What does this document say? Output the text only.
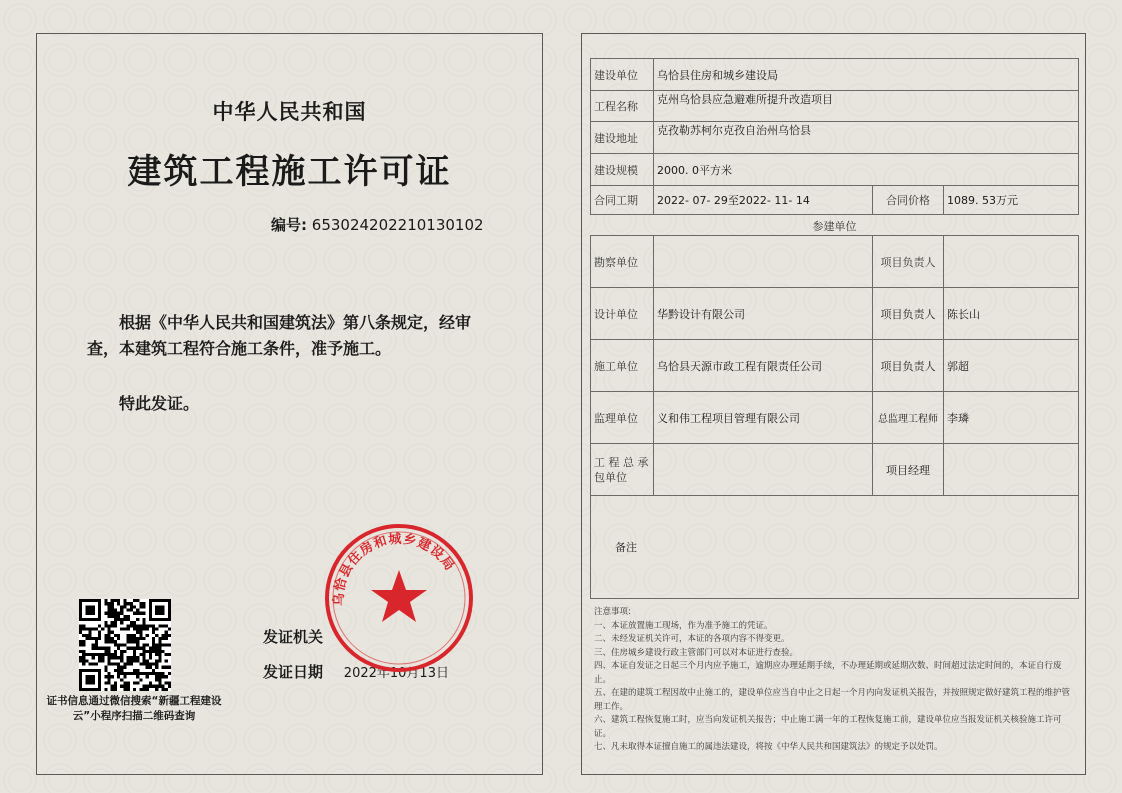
中华人民共和国
建筑工程施工许可证
编号: 653024202210130102
根据《中华人民共和国建筑法》第八条规定，经审查，本建筑工程符合施工条件，准予施工。
特此发证。
证书信息通过微信搜索“新疆工程建设云”小程序扫描二维码查询
发证机关
发证日期 2022年10月13日
乌恰县住房和城乡建设局
建设单位	乌恰县住房和城乡建设局		
工程名称	克州乌恰县应急避难所提升改造项目		
建设地址	克孜勒苏柯尔克孜自治州乌恰县		
建设规模	2000. 0平方米		
合同工期	2022- 07- 29至2022- 11- 14	合同价格	1089. 53万元
参建单位
勘察单位		项目负责人	
设计单位	华黔设计有限公司	项目负责人	陈长山
施工单位	乌恰县天源市政工程有限责任公司	项目负责人	郭超
监理单位	义和伟工程项目管理有限公司	总监理工程师	李璘
工 程 总 承包单位		项目经理	
备注			
注意事项:
一、本证放置施工现场，作为准予施工的凭证。
二、未经发证机关许可，本证的各项内容不得变更。
三、住房城乡建设行政主管部门可以对本证进行查验。
四、本证自发证之日起三个月内应予施工，逾期应办理延期手续，不办理延期或延期次数、时间超过法定时间的，本证自行废止。
五、在建的建筑工程因故中止施工的，建设单位应当自中止之日起一个月内向发证机关报告，并按照规定做好建筑工程的维护管理工作。
六、建筑工程恢复施工时，应当向发证机关报告；中止施工满一年的工程恢复施工前，建设单位应当报发证机关核验施工许可证。
七、凡未取得本证擅自施工的属违法建设，将按《中华人民共和国建筑法》的规定予以处罚。
